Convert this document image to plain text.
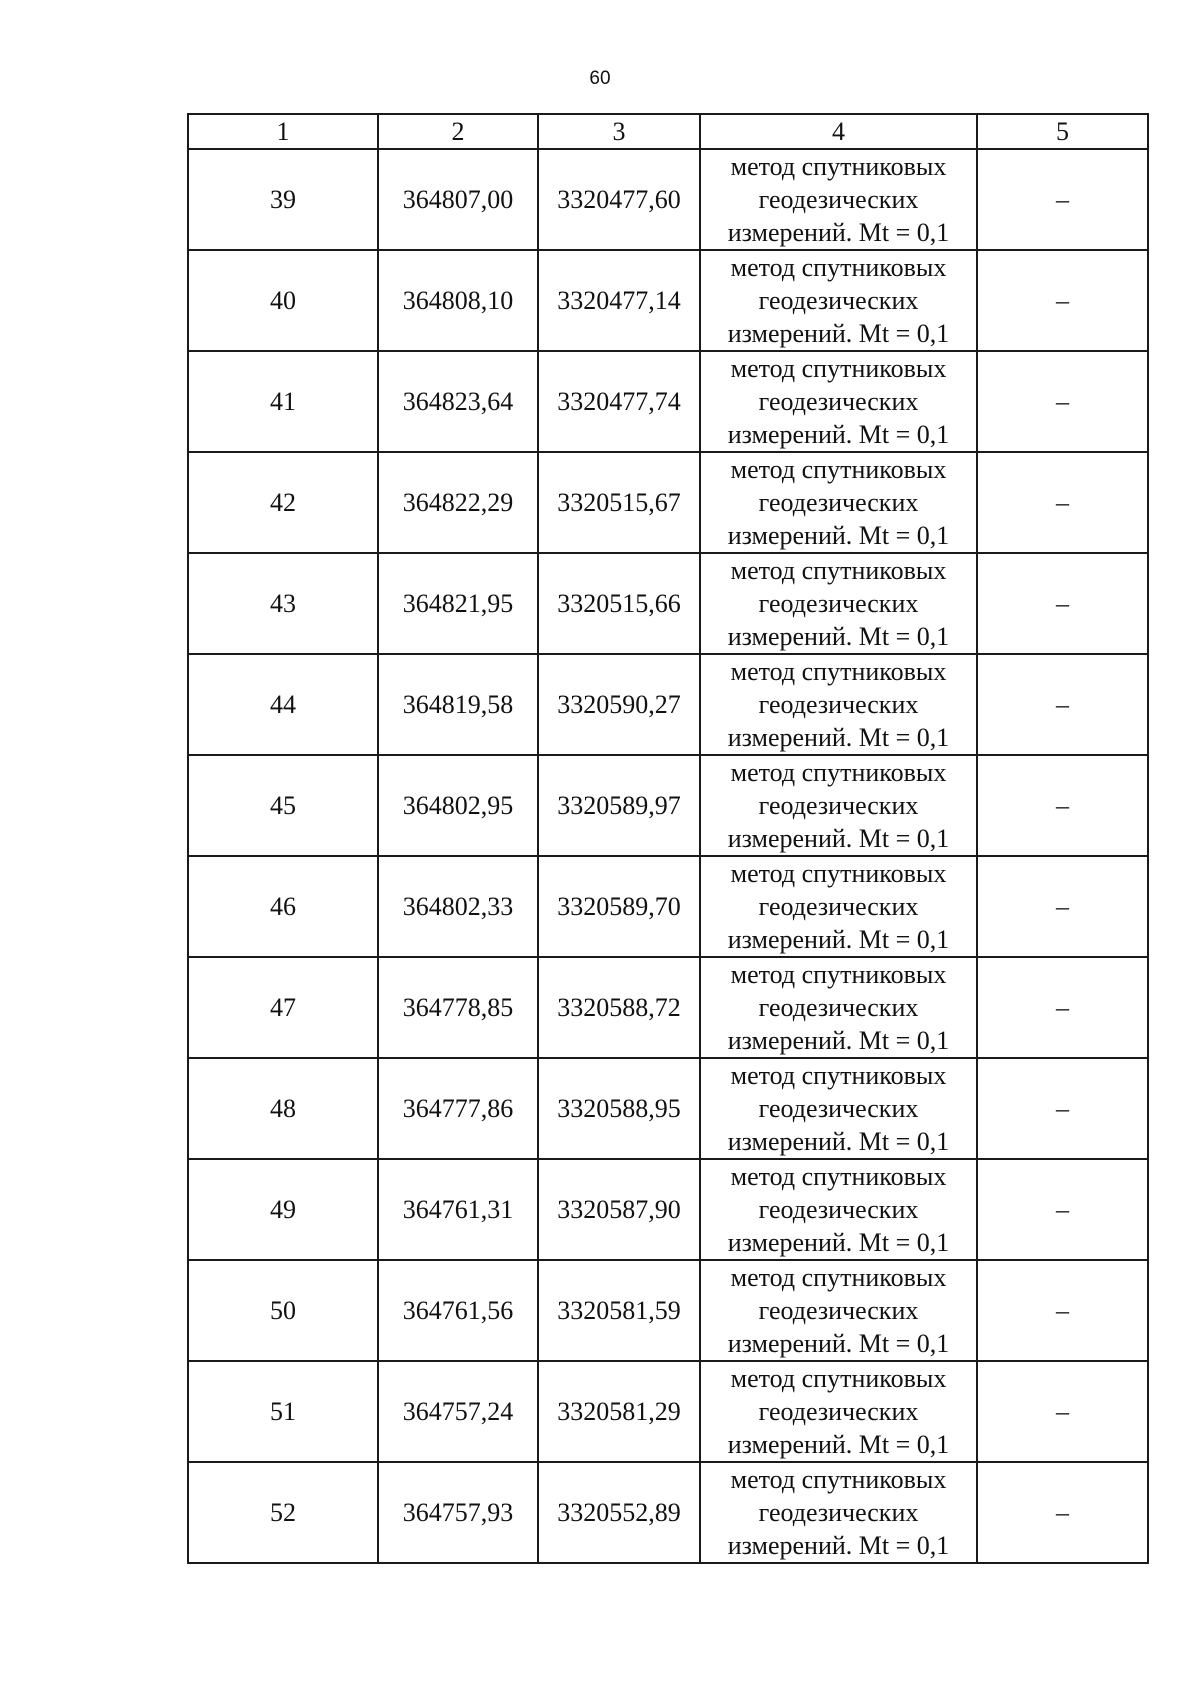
60
1	2	3	4	5
39	364807,00	3320477,60	метод спутниковых
геодезических
измерений. Mt = 0,1	–
40	364808,10	3320477,14	метод спутниковых
геодезических
измерений. Mt = 0,1	–
41	364823,64	3320477,74	метод спутниковых
геодезических
измерений. Mt = 0,1	–
42	364822,29	3320515,67	метод спутниковых
геодезических
измерений. Mt = 0,1	–
43	364821,95	3320515,66	метод спутниковых
геодезических
измерений. Mt = 0,1	–
44	364819,58	3320590,27	метод спутниковых
геодезических
измерений. Mt = 0,1	–
45	364802,95	3320589,97	метод спутниковых
геодезических
измерений. Mt = 0,1	–
46	364802,33	3320589,70	метод спутниковых
геодезических
измерений. Mt = 0,1	–
47	364778,85	3320588,72	метод спутниковых
геодезических
измерений. Mt = 0,1	–
48	364777,86	3320588,95	метод спутниковых
геодезических
измерений. Mt = 0,1	–
49	364761,31	3320587,90	метод спутниковых
геодезических
измерений. Mt = 0,1	–
50	364761,56	3320581,59	метод спутниковых
геодезических
измерений. Mt = 0,1	–
51	364757,24	3320581,29	метод спутниковых
геодезических
измерений. Mt = 0,1	–
52	364757,93	3320552,89	метод спутниковых
геодезических
измерений. Mt = 0,1	–
